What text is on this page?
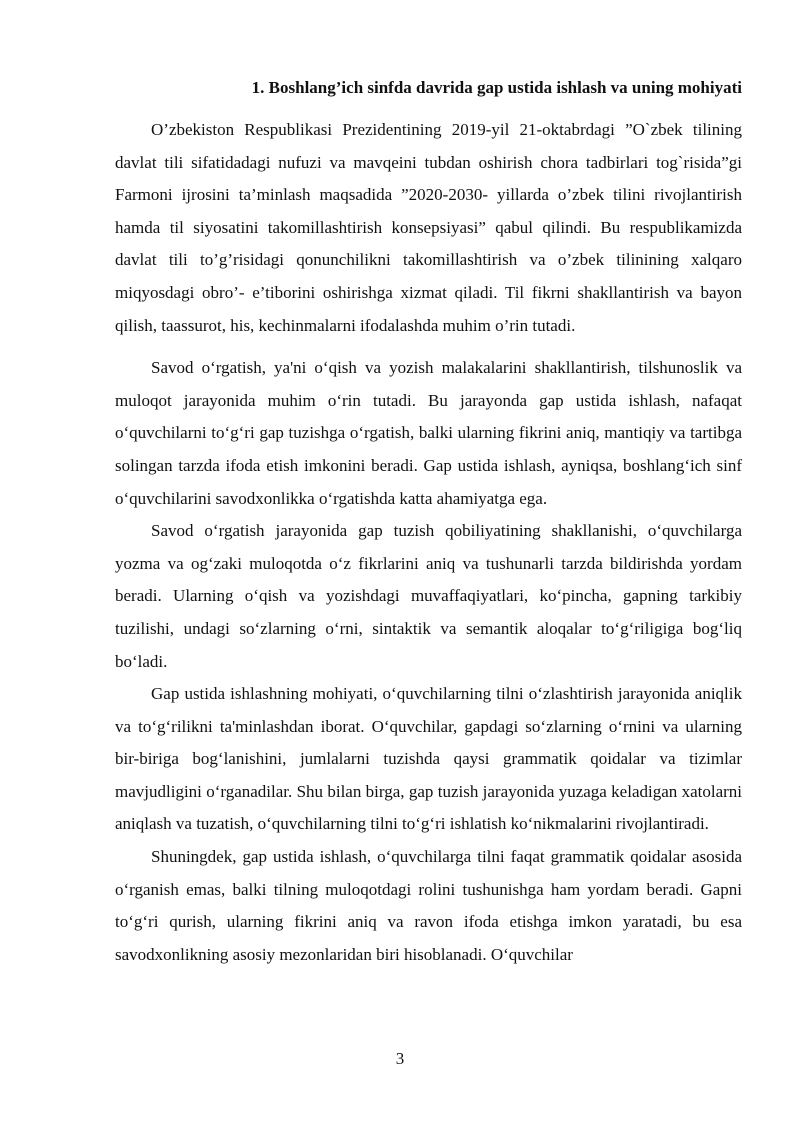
1. Boshlang’ich sinfda davrida gap ustida ishlash va uning mohiyati

O’zbekiston Respublikasi Prezidentining 2019-yil 21-oktabrdagi ”O`zbek tilining davlat tili sifatidadagi nufuzi va mavqeini tubdan oshirish chora tadbirlari tog`risida”gi Farmoni ijrosini ta’minlash maqsadida ”2020-2030- yillarda o’zbek tilini rivojlantirish hamda til siyosatini takomillashtirish konsepsiyasi” qabul qilindi. Bu respublikamizda davlat tili to’g’risidagi qonunchilikni takomillashtirish va o’zbek tilinining xalqaro miqyosdagi obro’- e’tiborini oshirishga xizmat qiladi. Til fikrni shakllantirish va bayon qilish, taassurot, his, kechinmalarni ifodalashda muhim o’rin tutadi.

Savod o‘rgatish, ya'ni o‘qish va yozish malakalarini shakllantirish, tilshunoslik va muloqot jarayonida muhim o‘rin tutadi. Bu jarayonda gap ustida ishlash, nafaqat o‘quvchilarni to‘g‘ri gap tuzishga o‘rgatish, balki ularning fikrini aniq, mantiqiy va tartibga solingan tarzda ifoda etish imkonini beradi. Gap ustida ishlash, ayniqsa, boshlang‘ich sinf o‘quvchilarini savodxonlikka o‘rgatishda katta ahamiyatga ega.

Savod o‘rgatish jarayonida gap tuzish qobiliyatining shakllanishi, o‘quvchilarga yozma va og‘zaki muloqotda o‘z fikrlarini aniq va tushunarli tarzda bildirishda yordam beradi. Ularning o‘qish va yozishdagi muvaffaqiyatlari, ko‘pincha, gapning tarkibiy tuzilishi, undagi so‘zlarning o‘rni, sintaktik va semantik aloqalar to‘g‘riligiga bog‘liq bo‘ladi.

Gap ustida ishlashning mohiyati, o‘quvchilarning tilni o‘zlashtirish jarayonida aniqlik va to‘g‘rilikni ta'minlashdan iborat. O‘quvchilar, gapdagi so‘zlarning o‘rnini va ularning bir-biriga bog‘lanishini, jumlalarni tuzishda qaysi grammatik qoidalar va tizimlar mavjudligini o‘rganadilar. Shu bilan birga, gap tuzish jarayonida yuzaga keladigan xatolarni aniqlash va tuzatish, o‘quvchilarning tilni to‘g‘ri ishlatish ko‘nikmalarini rivojlantiradi.

Shuningdek, gap ustida ishlash, o‘quvchilarga tilni faqat grammatik qoidalar asosida o‘rganish emas, balki tilning muloqotdagi rolini tushunishga ham yordam beradi. Gapni to‘g‘ri qurish, ularning fikrini aniq va ravon ifoda etishga imkon yaratadi, bu esa savodxonlikning asosiy mezonlaridan biri hisoblanadi. O‘quvchilar

3
